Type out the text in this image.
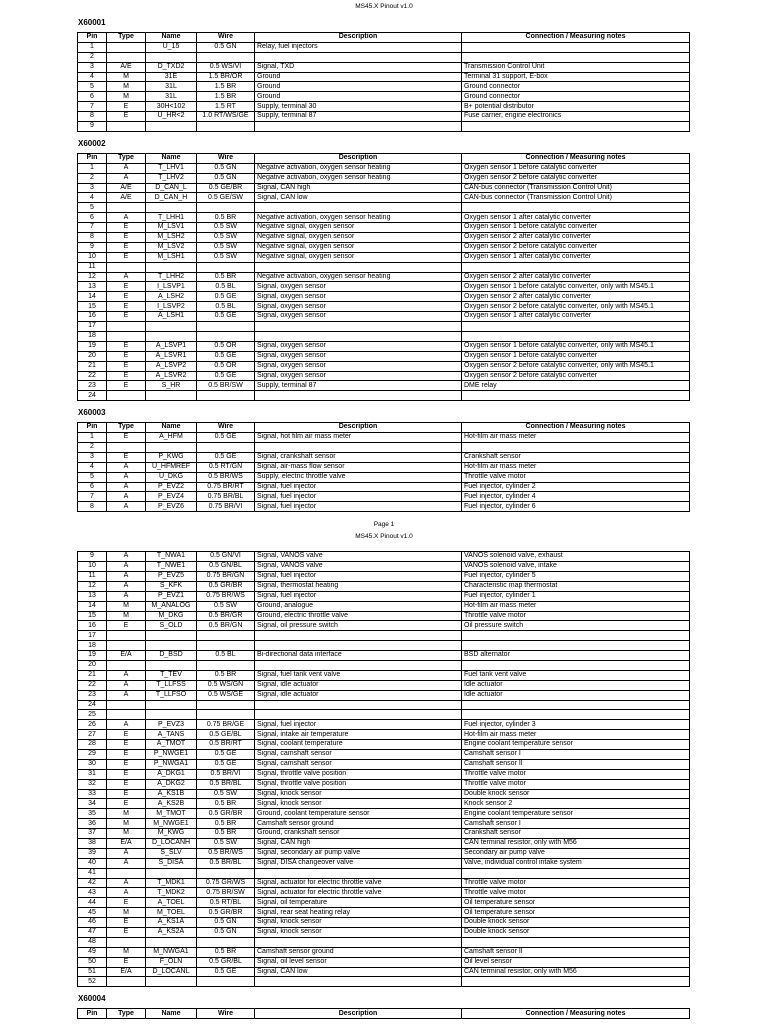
MS45.X Pinout v1.0
X60001
Pin	Type	Name	Wire	Description	Connection / Measuring notes
1		U_15	0.5 GN	Relay, fuel injectors	
2					
3	A/E	D_TXD2	0.5 WS/VI	Signal, TXD	Transmission Control Unit
4	M	31E	1.5 BR/OR	Ground	Terminal 31 support, E-box
5	M	31L	1.5 BR	Ground	Ground connector
6	M	31L	1.5 BR	Ground	Ground connector
7	E	30H<102	1.5 RT	Supply, terminal 30	B+ potential distributor
8	E	U_HR<2	1.0 RT/WS/GE	Supply, terminal 87	Fuse carrier, engine electronics
9					
X60002
Pin	Type	Name	Wire	Description	Connection / Measuring notes
1	A	T_LHV1	0.5 GN	Negative activation, oxygen sensor heating	Oxygen sensor 1 before catalytic converter
2	A	T_LHV2	0.5 GN	Negative activation, oxygen sensor heating	Oxygen sensor 2 before catalytic converter
3	A/E	D_CAN_L	0.5 GE/BR	Signal, CAN high	CAN-bus connector (Transmission Control Unit)
4	A/E	D_CAN_H	0.5 GE/SW	Signal, CAN low	CAN-bus connector (Transmission Control Unit)
5					
6	A	T_LHH1	0.5 BR	Negative activation, oxygen sensor heating	Oxygen sensor 1 after catalytic converter
7	E	M_LSV1	0.5 SW	Negative signal, oxygen sensor	Oxygen sensor 1 before catalytic converter
8	E	M_LSH2	0.5 SW	Negative signal, oxygen sensor	Oxygen sensor 2 after catalytic converter
9	E	M_LSV2	0.5 SW	Negative signal, oxygen sensor	Oxygen sensor 2 before catalytic converter
10	E	M_LSH1	0.5 SW	Negative signal, oxygen sensor	Oxygen sensor 1 after catalytic converter
11					
12	A	T_LHH2	0.5 BR	Negative activation, oxygen sensor heating	Oxygen sensor 2 after catalytic converter
13	E	I_LSVP1	0.5 BL	Signal, oxygen sensor	Oxygen sensor 1 before catalytic converter, only with MS45.1
14	E	A_LSH2	0.5 GE	Signal, oxygen sensor	Oxygen sensor 2 after catalytic converter
15	E	I_LSVP2	0.5 BL	Signal, oxygen sensor	Oxygen sensor 2 before catalytic converter, only with MS45.1
16	E	A_LSH1	0.5 GE	Signal, oxygen sensor	Oxygen sensor 1 after catalytic converter
17					
18					
19	E	A_LSVP1	0.5 OR	Signal, oxygen sensor	Oxygen sensor 1 before catalytic converter, only with MS45.1
20	E	A_LSVR1	0.5 GE	Signal, oxygen sensor	Oxygen sensor 1 before catalytic converter
21	E	A_LSVP2	0.5 OR	Signal, oxygen sensor	Oxygen sensor 2 before catalytic converter, only with MS45.1
22	E	A_LSVR2	0.5 GE	Signal, oxygen sensor	Oxygen sensor 2 before catalytic converter
23	E	S_HR	0.5 BR/SW	Supply, terminal 87	DME relay
24					
X60003
Pin	Type	Name	Wire	Description	Connection / Measuring notes
1	E	A_HFM	0.5 GE	Signal, hot film air mass meter	Hot-film air mass meter
2					
3	E	P_KWG	0.5 GE	Signal, crankshaft sensor	Crankshaft sensor
4	A	U_HFMREF	0.5 RT/GN	Signal, air-mass flow sensor	Hot-film air mass meter
5	A	U_DKG	0.5 BR/WS	Supply, electric throttle valve	Throttle valve motor
6	A	P_EVZ2	0.75 BR/RT	Signal, fuel injector	Fuel injector, cylinder 2
7	A	P_EVZ4	0.75 BR/BL	Signal, fuel injector	Fuel injector, cylinder 4
8	A	P_EVZ6	0.75 BR/VI	Signal, fuel injector	Fuel injector, cylinder 6
Page 1
MS45.X Pinout v1.0
9	A	T_NWA1	0.5 GN/VI	Signal, VANOS valve	VANOS solenoid valve, exhaust
10	A	T_NWE1	0.5 GN/BL	Signal, VANOS valve	VANOS solenoid valve, intake
11	A	P_EVZ5	0.75 BR/GN	Signal, fuel injector	Fuel injector, cylinder 5
12	A	S_KFK	0.5 GR/BR	Signal, thermostat heating	Characteristic map thermostat
13	A	P_EVZ1	0.75 BR/WS	Signal, fuel injector	Fuel injector, cylinder 1
14	M	M_ANALOG	0.5 SW	Ground, analogue	Hot-film air mass meter
15	M	M_DKG	0.5 BR/GR	Ground, electric throttle valve	Throttle valve motor
16	E	S_OLD	0.5 BR/GN	Signal, oil pressure switch	Oil pressure switch
17					
18					
19	E/A	D_BSD	0.5 BL	Bi-directional data interface	BSD alternator
20					
21	A	T_TEV	0.5 BR	Signal, fuel tank vent valve	Fuel tank vent valve
22	A	T_LLFSS	0.5 WS/GN	Signal, idle actuator	Idle actuator
23	A	T_LLFSO	0.5 WS/GE	Signal, idle actuator	Idle actuator
24					
25					
26	A	P_EVZ3	0.75 BR/GE	Signal, fuel injector	Fuel injector, cylinder 3
27	E	A_TANS	0.5 GE/BL	Signal, intake air temperature	Hot-film air mass meter
28	E	A_TMOT	0.5 BR/RT	Signal, coolant temperature	Engine coolant temperature sensor
29	E	P_NWGE1	0.5 GE	Signal, camshaft sensor	Camshaft sensor I
30	E	P_NWGA1	0.5 GE	Signal, camshaft sensor	Camshaft sensor II
31	E	A_DKG1	0.5 BR/VI	Signal, throttle valve position	Throttle valve motor
32	E	A_DKG2	0.5 BR/BL	Signal, throttle valve position	Throttle valve motor
33	E	A_KS1B	0.5 SW	Signal, knock sensor	Double knock sensor
34	E	A_KS2B	0.5 BR	Signal, knock sensor	Knock sensor 2
35	M	M_TMOT	0.5 GR/BR	Ground, coolant temperature sensor	Engine coolant temperature sensor
36	M	M_NWGE1	0.5 BR	Camshaft sensor ground	Camshaft sensor I
37	M	M_KWG	0.5 BR	Ground, crankshaft sensor	Crankshaft sensor
38	E/A	D_LOCANH	0.5 SW	Signal, CAN high	CAN terminal resistor, only with M56
39	A	S_SLV	0.5 BR/WS	Signal, secondary air pump valve	Secondary air pump valve
40	A	S_DISA	0.5 BR/BL	Signal, DISA changeover valve	Valve, individual control intake system
41					
42	A	T_MDK1	0.75 GR/WS	Signal, actuator for electric throttle valve	Throttle valve motor
43	A	T_MDK2	0.75 BR/SW	Signal, actuator for electric throttle valve	Throttle valve motor
44	E	A_TOEL	0.5 RT/BL	Signal, oil temperature	Oil temperature sensor
45	M	M_TOEL	0.5 GR/BR	Signal, rear seat heating relay	Oil temperature sensor
46	E	A_KS1A	0.5 GN	Signal, knock sensor	Double knock sensor
47	E	A_KS2A	0.5 GN	Signal, knock sensor	Double knock sensor
48					
49	M	M_NWGA1	0.5 BR	Camshaft sensor ground	Camshaft sensor II
50	E	F_OLN	0.5 GR/BL	Signal, oil level sensor	Oil level sensor
51	E/A	D_LOCANL	0.5 GE	Signal, CAN low	CAN terminal resistor, only with M56
52					
X60004
Pin	Type	Name	Wire	Description	Connection / Measuring notes
